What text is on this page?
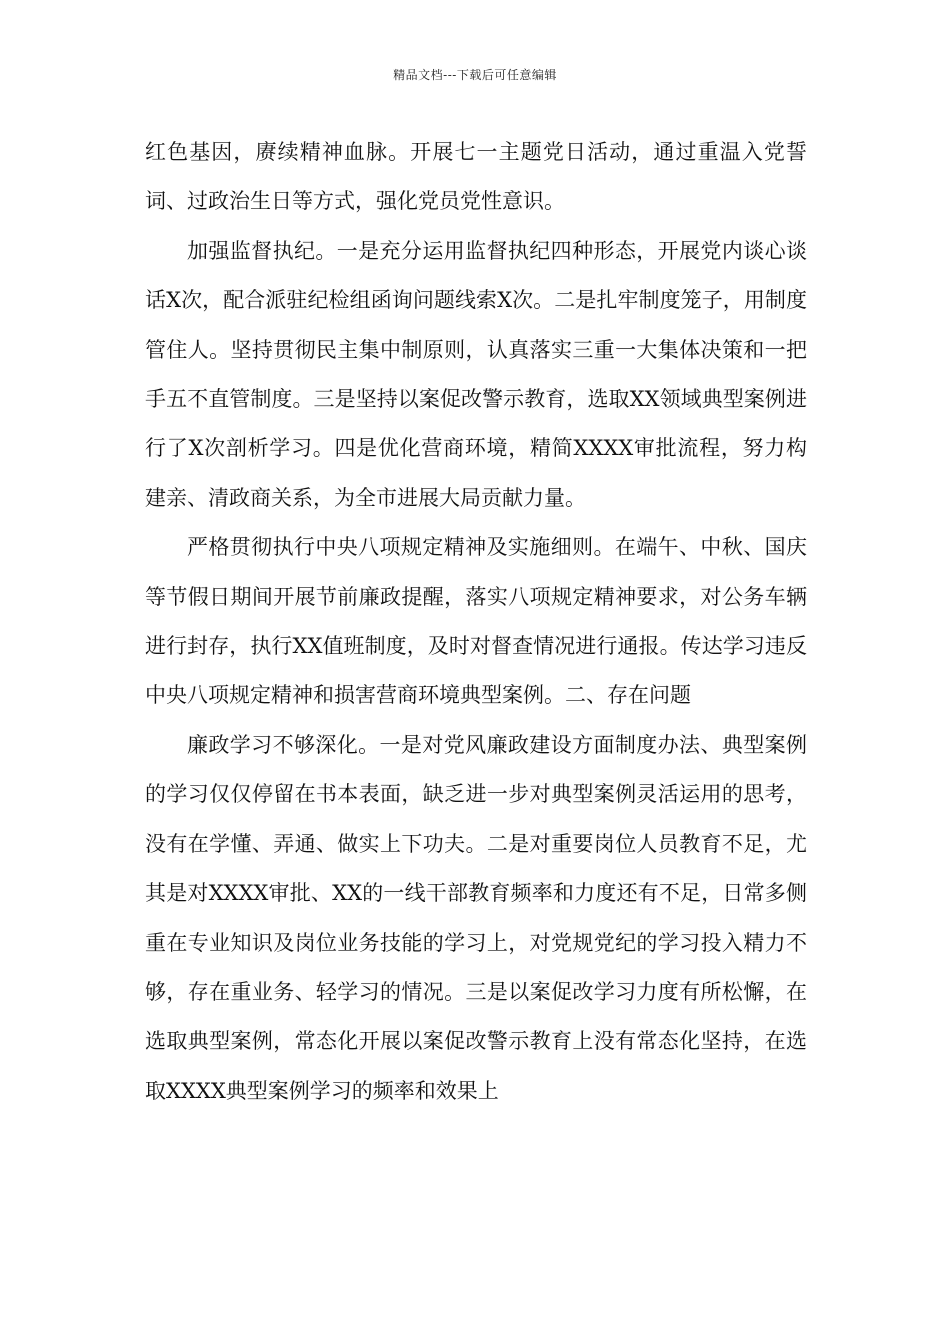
精品文档---下载后可任意编辑

红色基因，赓续精神血脉。开展七一主题党日活动，通过重温入党誓词、过政治生日等方式，强化党员党性意识。

加强监督执纪。一是充分运用监督执纪四种形态，开展党内谈心谈话X次，配合派驻纪检组函询问题线索X次。二是扎牢制度笼子，用制度管住人。坚持贯彻民主集中制原则，认真落实三重一大集体决策和一把手五不直管制度。三是坚持以案促改警示教育，选取XX领域典型案例进行了X次剖析学习。四是优化营商环境，精简XXXX审批流程，努力构建亲、清政商关系，为全市进展大局贡献力量。

严格贯彻执行中央八项规定精神及实施细则。在端午、中秋、国庆等节假日期间开展节前廉政提醒，落实八项规定精神要求，对公务车辆进行封存，执行XX值班制度，及时对督查情况进行通报。传达学习违反中央八项规定精神和损害营商环境典型案例。二、存在问题

廉政学习不够深化。一是对党风廉政建设方面制度办法、典型案例的学习仅仅停留在书本表面，缺乏进一步对典型案例灵活运用的思考，没有在学懂、弄通、做实上下功夫。二是对重要岗位人员教育不足，尤其是对XXXX审批、XX的一线干部教育频率和力度还有不足，日常多侧重在专业知识及岗位业务技能的学习上，对党规党纪的学习投入精力不够，存在重业务、轻学习的情况。三是以案促改学习力度有所松懈，在选取典型案例，常态化开展以案促改警示教育上没有常态化坚持，在选取XXXX典型案例学习的频率和效果上
